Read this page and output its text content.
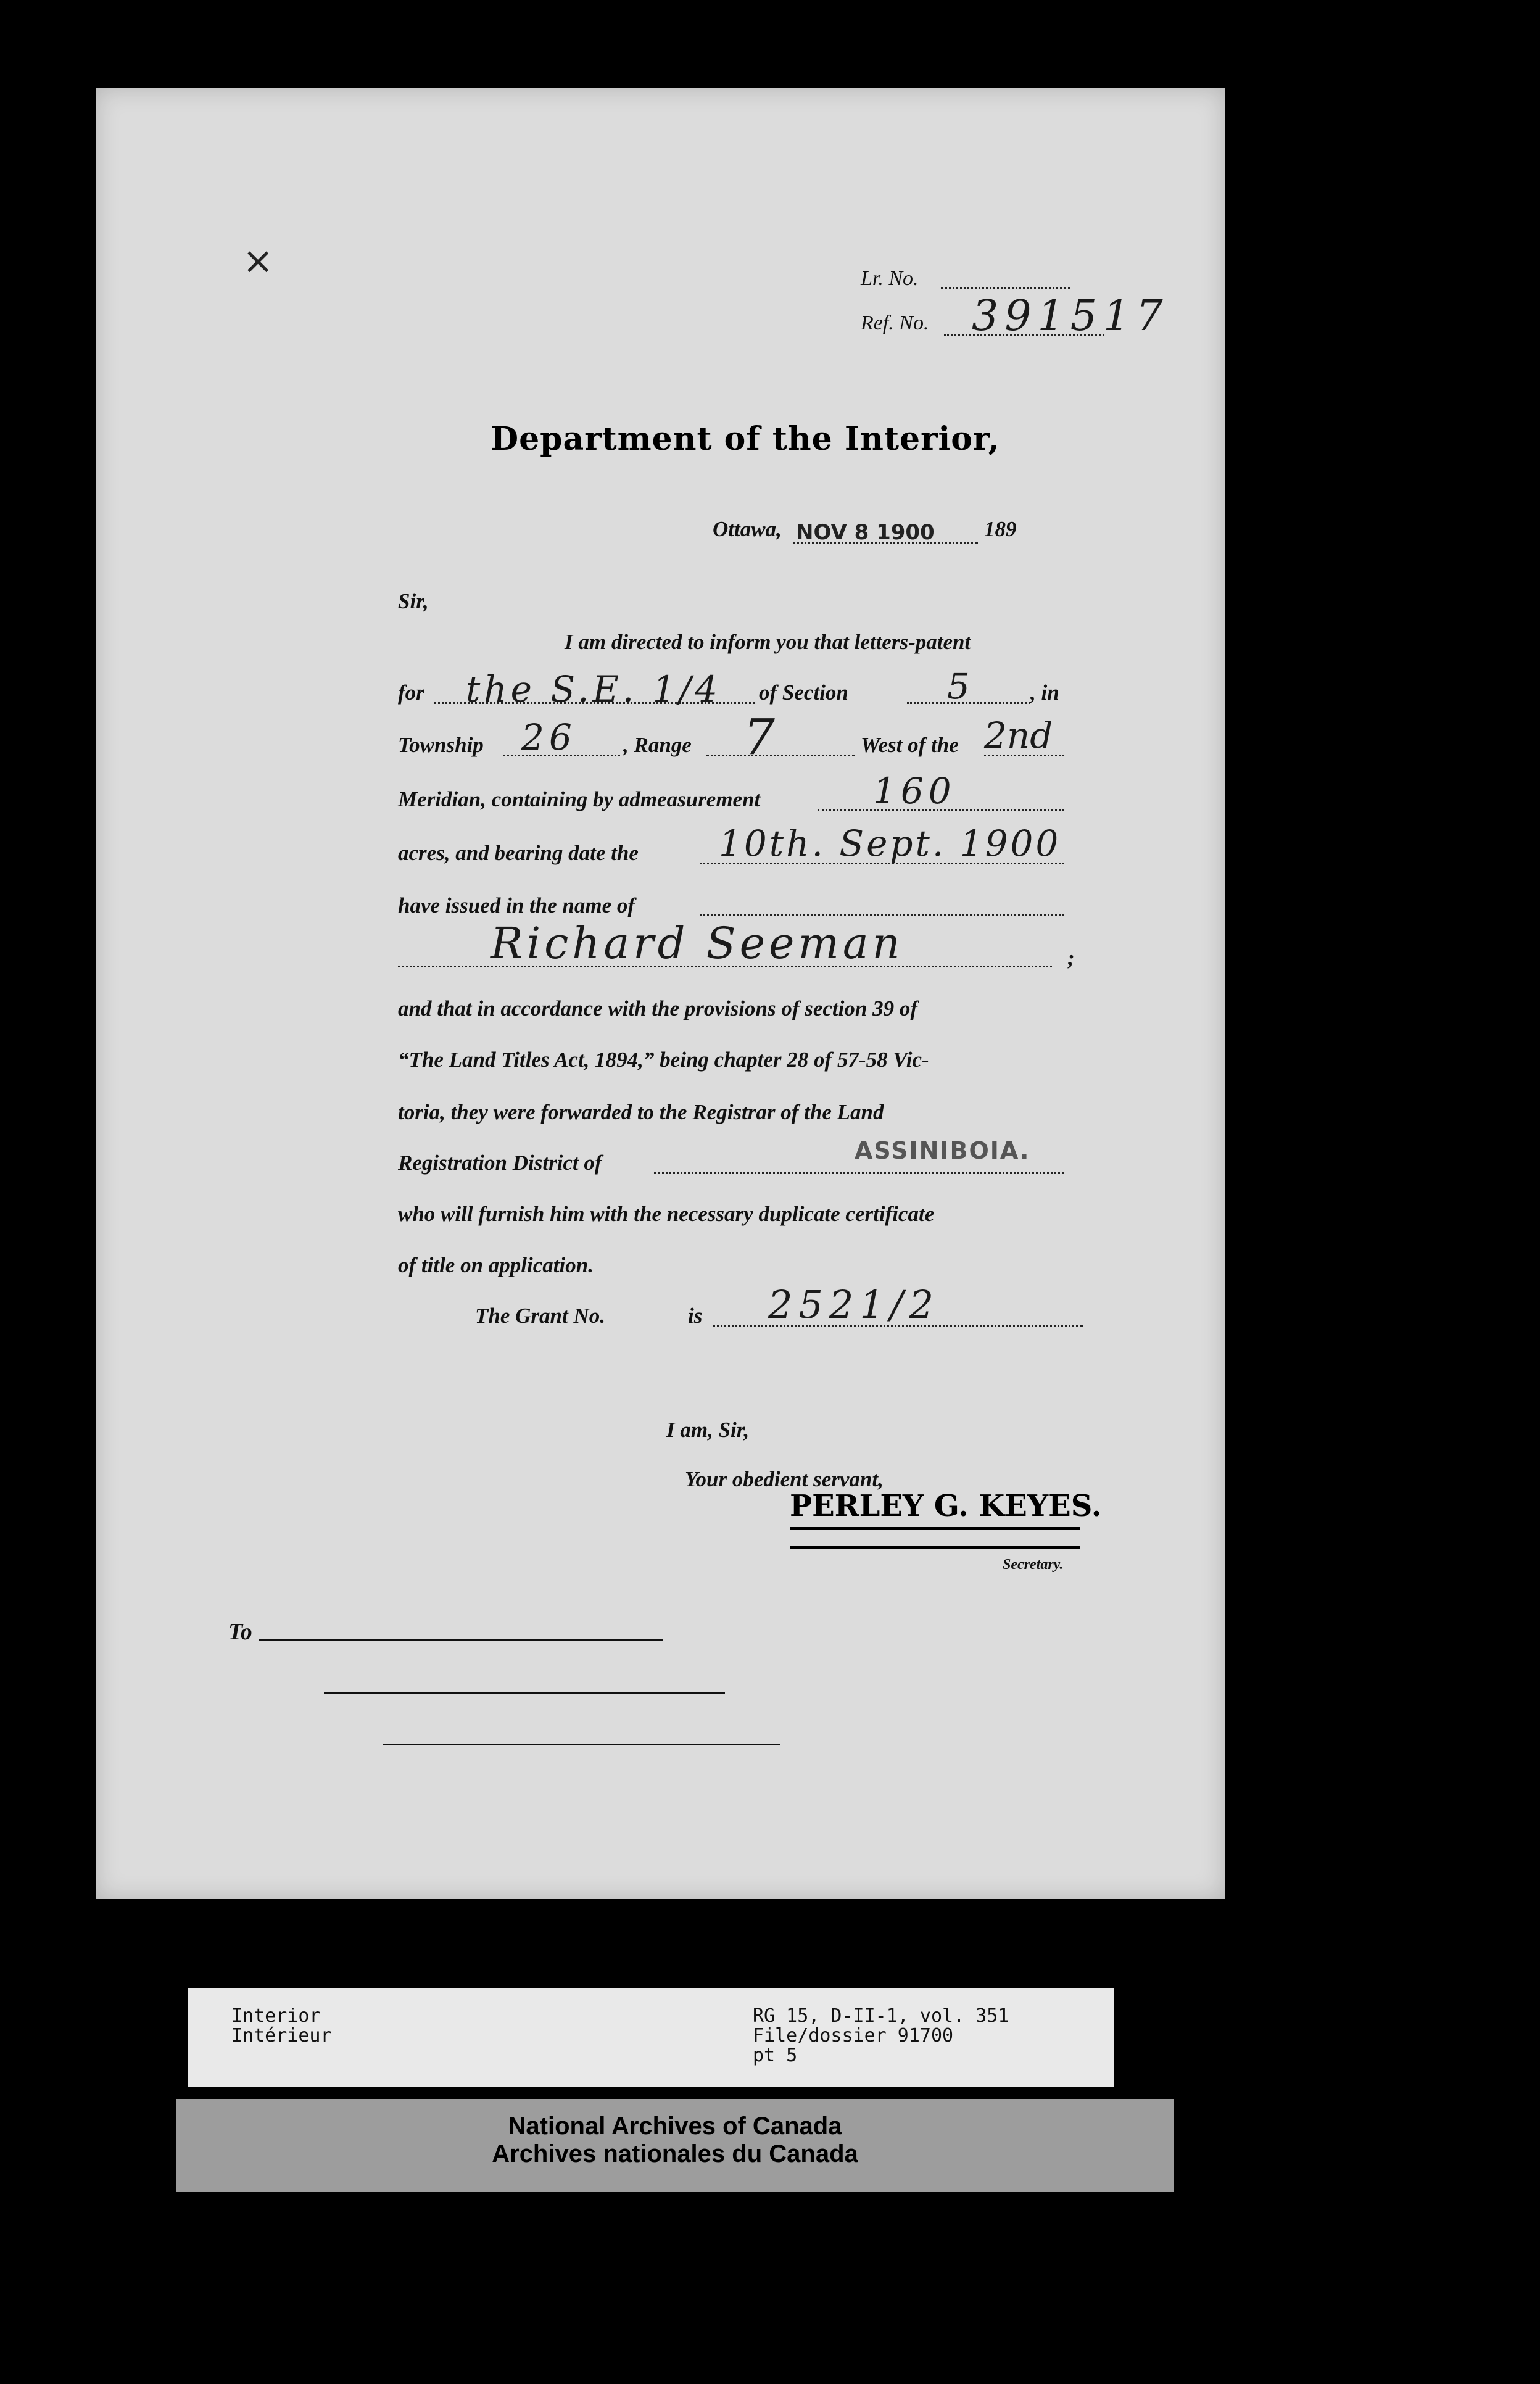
×	Lr. No.
Ref. No. 391517
Department of the Interior,
Ottawa, NOV 8 1900 189
Sir,
I am directed to inform you that letters-patent
for the S.E. 1/4 of Section	5	, in
Township 26 , Range 7	West of the 2nd
Meridian, containing by admeasurement	160
acres, and bearing date the 10th. Sept. 1900
have issued in the name of
Richard Seeman	;
and that in accordance with the provisions of section 39 of
“The Land Titles Act, 1894,” being chapter 28 of 57-58 Vic-
toria, they were forwarded to the Registrar of the Land
Registration District of	ASSINIBOIA.
who will furnish him with the necessary duplicate certificate
of title on application.
The Grant No.	is 2521/2
I am, Sir,
Your obedient servant,
PERLEY G. KEYES.
Secretary.
To
Interior
Intérieur
RG 15, D-II-1, vol. 351
File/dossier 91700
pt 5
National Archives of Canada
Archives nationales du Canada
